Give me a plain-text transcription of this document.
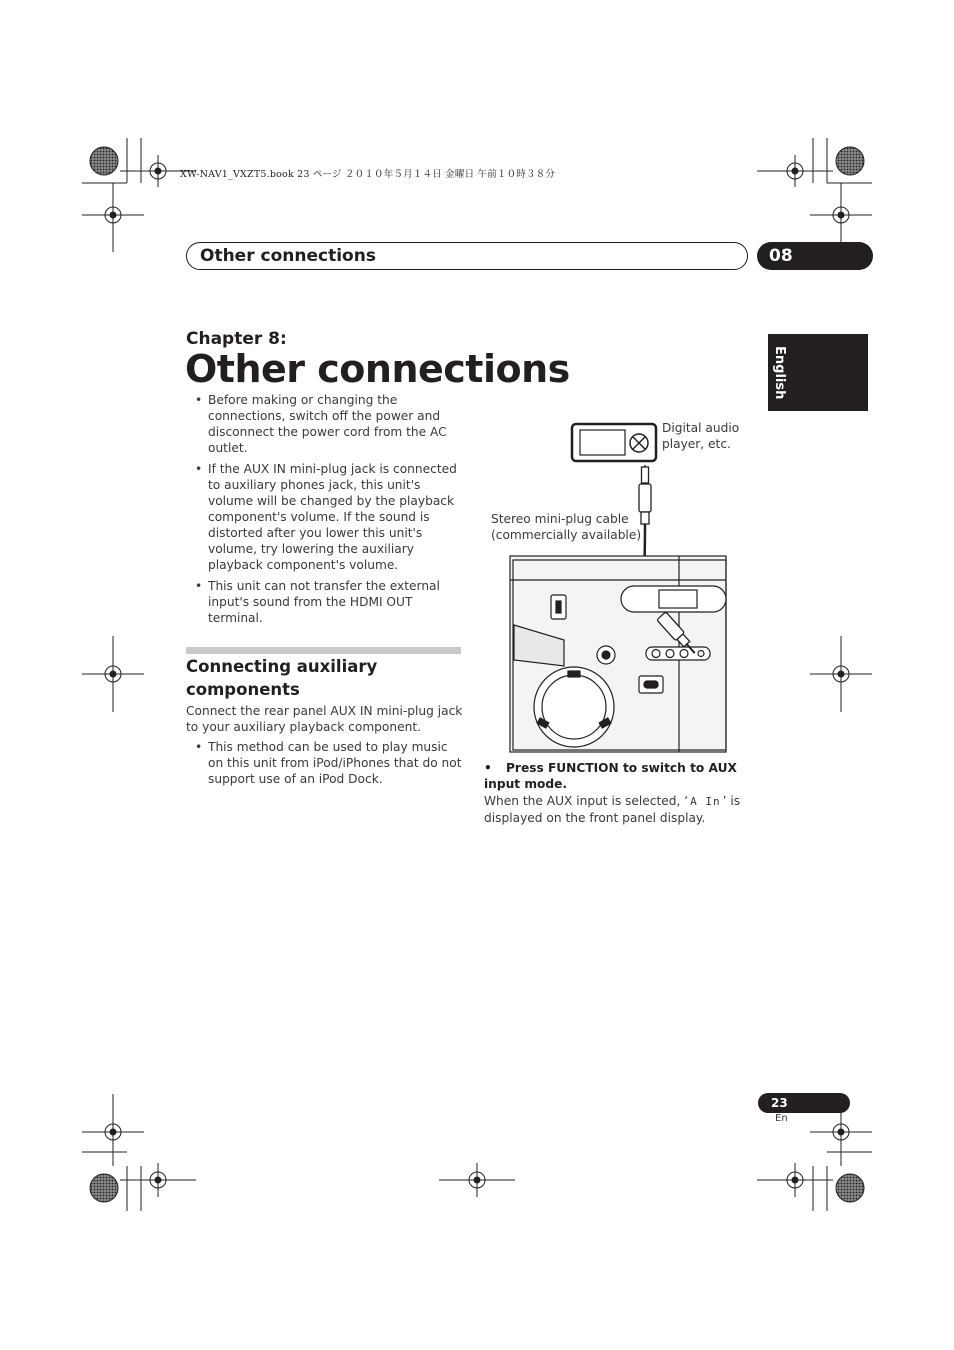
XW-NAV1_VXZT5.book 23 ページ ２０１０年５月１４日 金曜日 午前１０時３８分
Other connections	08
English
Chapter 8:
Other connections
• Before making or changing the connections, switch off the power and disconnect the power cord from the AC outlet.
• If the AUX IN mini-plug jack is connected to auxiliary phones jack, this unit's volume will be changed by the playback component's volume. If the sound is distorted after you lower this unit's volume, try lowering the auxiliary playback component's volume.
• This unit can not transfer the external input's sound from the HDMI OUT terminal.
Connecting auxiliary components
Connect the rear panel AUX IN mini-plug jack to your auxiliary playback component.
• This method can be used to play music on this unit from iPod/iPhones that do not support use of an iPod Dock.
Digital audio
player, etc.
Stereo mini-plug cable
(commercially available)
• Press FUNCTION to switch to AUX input mode.
When the AUX input is selected, ‘ A In ’ is displayed on the front panel display.
23
En
